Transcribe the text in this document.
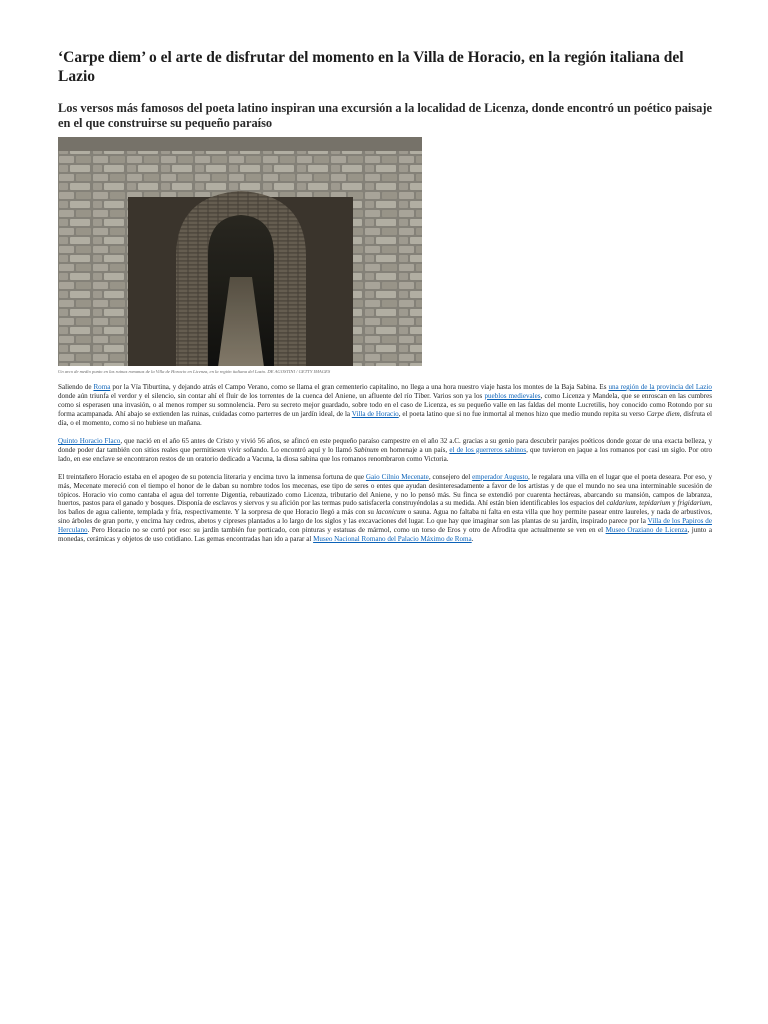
‘Carpe diem’ o el arte de disfrutar del momento en la Villa de Horacio, en la región italiana del Lazio
Los versos más famosos del poeta latino inspiran una excursión a la localidad de Licenza, donde encontró un poético paisaje en el que construirse su pequeño paraíso
Un arco de medio punto en las ruinas romanas de la Villa de Horacio en Licenza, en la región italiana del Lazio. DE AGOSTINI / GETTY IMAGES

Saliendo de Roma por la Vía Tiburtina, y dejando atrás el Campo Verano, como se llama el gran cementerio capitalino, no llega a una hora nuestro viaje hasta los montes de la Baja Sabina. Es una región de la provincia del Lazio donde aún triunfa el verdor y el silencio, sin contar ahí el fluir de los torrentes de la cuenca del Aniene, un afluente del río Tíber. Varios son ya los pueblos medievales, como Licenza y Mandela, que se enroscan en las cumbres como si esperasen una invasión, o al menos romper su somnolencia. Pero su secreto mejor guardado, sobre todo en el caso de Licenza, es su pequeño valle en las faldas del monte Lucretilis, hoy conocido como Rotondo por su forma acampanada. Ahí abajo se extienden las ruinas, cuidadas como parterres de un jardín ideal, de la Villa de Horacio, el poeta latino que si no fue inmortal al menos hizo que medio mundo repita su verso Carpe diem, disfruta el día, o el momento, como si no hubiese un mañana.

Quinto Horacio Flaco, que nació en el año 65 antes de Cristo y vivió 56 años, se afincó en este pequeño paraíso campestre en el año 32 a.C. gracias a su genio para descubrir parajes poéticos donde gozar de una exacta belleza, y donde poder dar también con sitios reales que permitiesen vivir soñando. Lo encontró aquí y lo llamó Sabinum en homenaje a un país, el de los guerreros sabinos, que tuvieron en jaque a los romanos por casi un siglo. Por otro lado, en ese enclave se encontraron restos de un oratorio dedicado a Vacuna, la diosa sabina que los romanos renombraron como Victoria.

El treintañero Horacio estaba en el apogeo de su potencia literaria y encima tuvo la inmensa fortuna de que Gaio Cilnio Mecenate, consejero del emperador Augusto, le regalara una villa en el lugar que el poeta deseara. Por eso, y más, Mecenate mereció con el tiempo el honor de le daban su nombre todos los mecenas, ese tipo de seres o entes que ayudan desinteresadamente a favor de los artistas y de que el mundo no sea una interminable sucesión de tópicos. Horacio vio como cantaba el agua del torrente Digentia, rebautizado como Licenza, tributario del Aniene, y no lo pensó más. Su finca se extendió por cuarenta hectáreas, abarcando su mansión, campos de labranza, huertos, pastos para el ganado y bosques. Disponía de esclavos y siervos y su afición por las termas pudo satisfacerla construyéndolas a su medida. Ahí están bien identificables los espacios del caldarium, tepidarium y frigidarium, los baños de agua caliente, templada y fría, respectivamente. Y la sorpresa de que Horacio llegó a más con su laconicum o sauna. Agua no faltaba ni falta en esta villa que hoy permite pasear entre laureles, y nada de arbustivos, sino árboles de gran porte, y encima hay cedros, abetos y cipreses plantados a lo largo de los siglos y las excavaciones del lugar. Lo que hay que imaginar son las plantas de su jardín, inspirado parece por la Villa de los Papiros de Herculano. Pero Horacio no se cortó por eso: su jardín también fue porticado, con pinturas y estatuas de mármol, como un torso de Eros y otro de Afrodita que actualmente se ven en el Museo Oraziano de Licenza, junto a monedas, cerámicas y objetos de uso cotidiano. Las gemas encontradas han ido a parar al Museo Nacional Romano del Palacio Máximo de Roma.
